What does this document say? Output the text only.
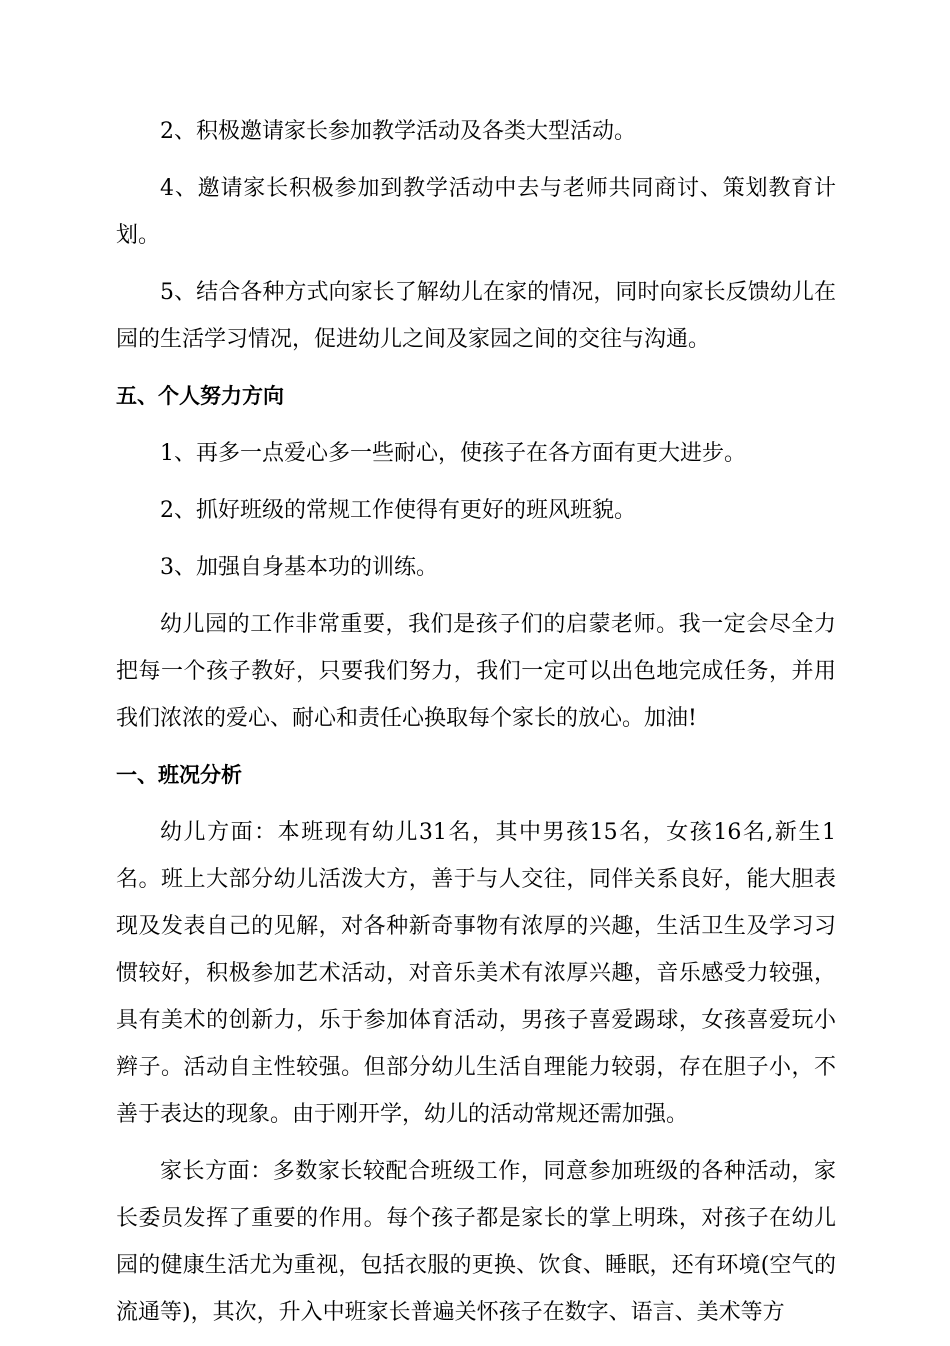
2、积极邀请家长参加教学活动及各类大型活动。

4、邀请家长积极参加到教学活动中去与老师共同商讨、策划教育计划。

5、结合各种方式向家长了解幼儿在家的情况，同时向家长反馈幼儿在园的生活学习情况，促进幼儿之间及家园之间的交往与沟通。

五、个人努力方向

1、再多一点爱心多一些耐心，使孩子在各方面有更大进步。

2、抓好班级的常规工作使得有更好的班风班貌。

3、加强自身基本功的训练。

幼儿园的工作非常重要，我们是孩子们的启蒙老师。我一定会尽全力把每一个孩子教好，只要我们努力，我们一定可以出色地完成任务，并用我们浓浓的爱心、耐心和责任心换取每个家长的放心。加油!

一、班况分析

幼儿方面：本班现有幼儿31名，其中男孩15名，女孩16名,新生1名。班上大部分幼儿活泼大方，善于与人交往，同伴关系良好，能大胆表现及发表自己的见解，对各种新奇事物有浓厚的兴趣，生活卫生及学习习惯较好，积极参加艺术活动，对音乐美术有浓厚兴趣，音乐感受力较强，具有美术的创新力，乐于参加体育活动，男孩子喜爱踢球，女孩喜爱玩小辫子。活动自主性较强。但部分幼儿生活自理能力较弱，存在胆子小，不善于表达的现象。由于刚开学，幼儿的活动常规还需加强。

家长方面：多数家长较配合班级工作，同意参加班级的各种活动，家长委员发挥了重要的作用。每个孩子都是家长的掌上明珠，对孩子在幼儿园的健康生活尤为重视，包括衣服的更换、饮食、睡眠，还有环境(空气的流通等)，其次，升入中班家长普遍关怀孩子在数字、语言、美术等方
